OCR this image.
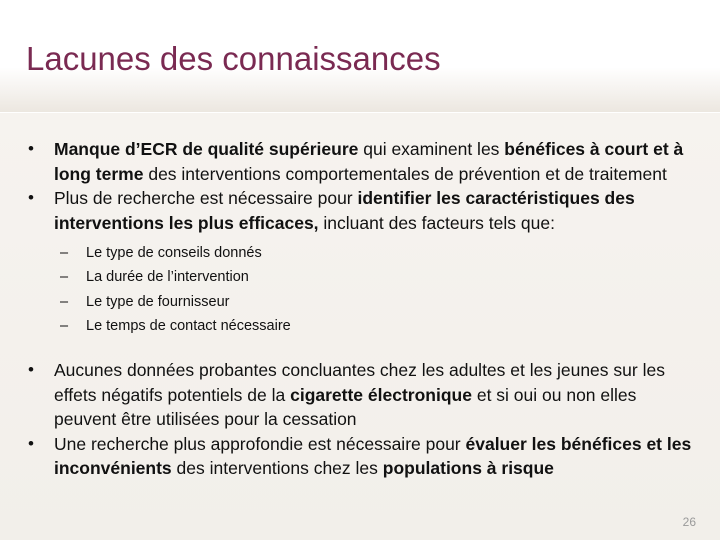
Lacunes des connaissances
• Manque d’ECR de qualité supérieure qui examinent les bénéfices à court et à long terme des interventions comportementales de prévention et de traitement
• Plus de recherche est nécessaire pour identifier les caractéristiques des interventions les plus efficaces, incluant des facteurs tels que:
– Le type de conseils donnés
– La durée de l’intervention
– Le type de fournisseur
– Le temps de contact nécessaire
• Aucunes données probantes concluantes chez les adultes et les jeunes sur les effets négatifs potentiels de la cigarette électronique et si oui ou non elles peuvent être utilisées pour la cessation
• Une recherche plus approfondie est nécessaire pour évaluer les bénéfices et les inconvénients des interventions chez les populations à risque
26
